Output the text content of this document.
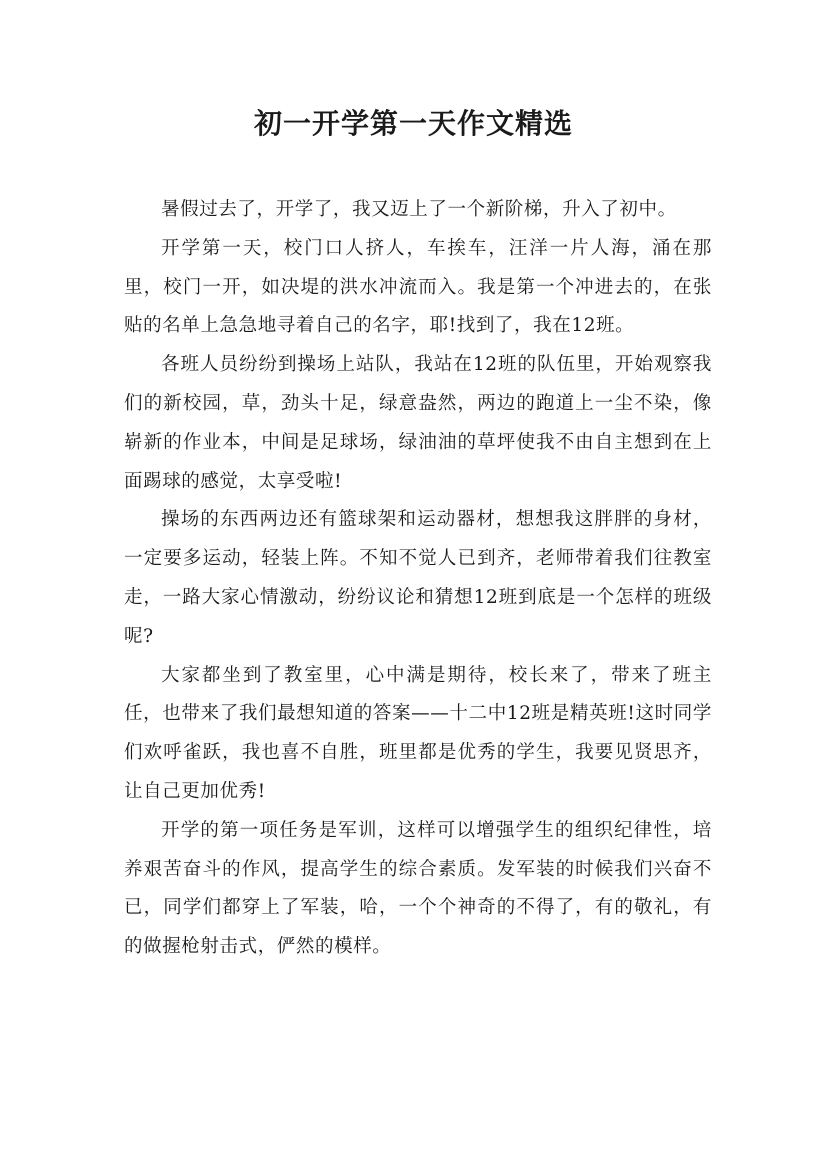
初一开学第一天作文精选

暑假过去了，开学了，我又迈上了一个新阶梯，升入了初中。

开学第一天，校门口人挤人，车挨车，汪洋一片人海，涌在那里，校门一开，如决堤的洪水冲流而入。我是第一个冲进去的，在张贴的名单上急急地寻着自己的名字，耶!找到了，我在12班。

各班人员纷纷到操场上站队，我站在12班的队伍里，开始观察我们的新校园，草，劲头十足，绿意盎然，两边的跑道上一尘不染，像崭新的作业本，中间是足球场，绿油油的草坪使我不由自主想到在上面踢球的感觉，太享受啦!

操场的东西两边还有篮球架和运动器材，想想我这胖胖的身材，一定要多运动，轻装上阵。不知不觉人已到齐，老师带着我们往教室走，一路大家心情激动，纷纷议论和猜想12班到底是一个怎样的班级呢?

大家都坐到了教室里，心中满是期待，校长来了，带来了班主任，也带来了我们最想知道的答案——十二中12班是精英班!这时同学们欢呼雀跃，我也喜不自胜，班里都是优秀的学生，我要见贤思齐，让自己更加优秀!

开学的第一项任务是军训，这样可以增强学生的组织纪律性，培养艰苦奋斗的作风，提高学生的综合素质。发军装的时候我们兴奋不已，同学们都穿上了军装，哈，一个个神奇的不得了，有的敬礼，有的做握枪射击式，俨然的模样。
